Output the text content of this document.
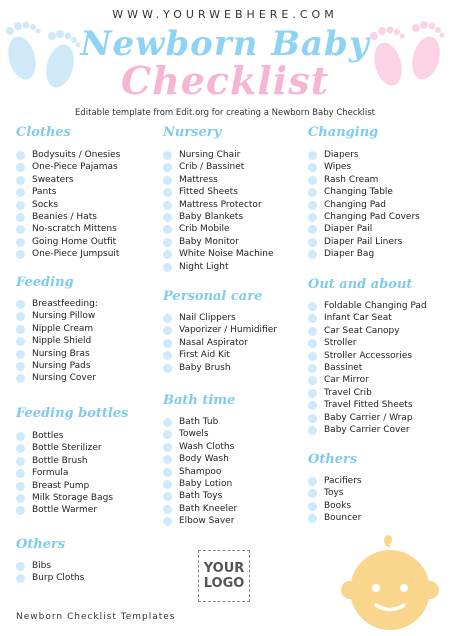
WWW.YOURWEBHERE.COM
Newborn Baby
Checklist
Editable template from Edit.org for creating a Newborn Baby Checklist
Clothes
Bodysuits / Onesies
One-Piece Pajamas
Sweaters
Pants
Socks
Beanies / Hats
No-scratch Mittens
Going Home Outfit
One-Piece Jumpsuit
Feeding
Breastfeeding:
Nursing Pillow
Nipple Cream
Nipple Shield
Nursing Bras
Nursing Pads
Nursing Cover
Feeding bottles
Bottles
Bottle Sterilizer
Bottle Brush
Formula
Breast Pump
Milk Storage Bags
Bottle Warmer
Others
Bibs
Burp Cloths
Nursery
Nursing Chair
Crib / Bassinet
Mattress
Fitted Sheets
Mattress Protector
Baby Blankets
Crib Mobile
Baby Monitor
White Noise Machine
Night Light
Personal care
Nail Clippers
Vaporizer / Humidifier
Nasal Aspirator
First Aid Kit
Baby Brush
Bath time
Bath Tub
Towels
Wash Cloths
Body Wash
Shampoo
Baby Lotion
Bath Toys
Bath Kneeler
Elbow Saver
Changing
Diapers
Wipes
Rash Cream
Changing Table
Changing Pad
Changing Pad Covers
Diaper Pail
Diaper Pail Liners
Diaper Bag
Out and about
Foldable Changing Pad
Infant Car Seat
Car Seat Canopy
Stroller
Stroller Accessories
Bassinet
Car Mirror
Travel Crib
Travel Fitted Sheets
Baby Carrier / Wrap
Baby Carrier Cover
Others
Pacifiers
Toys
Books
Bouncer
YOUR
LOGO
Newborn Checklist Templates
